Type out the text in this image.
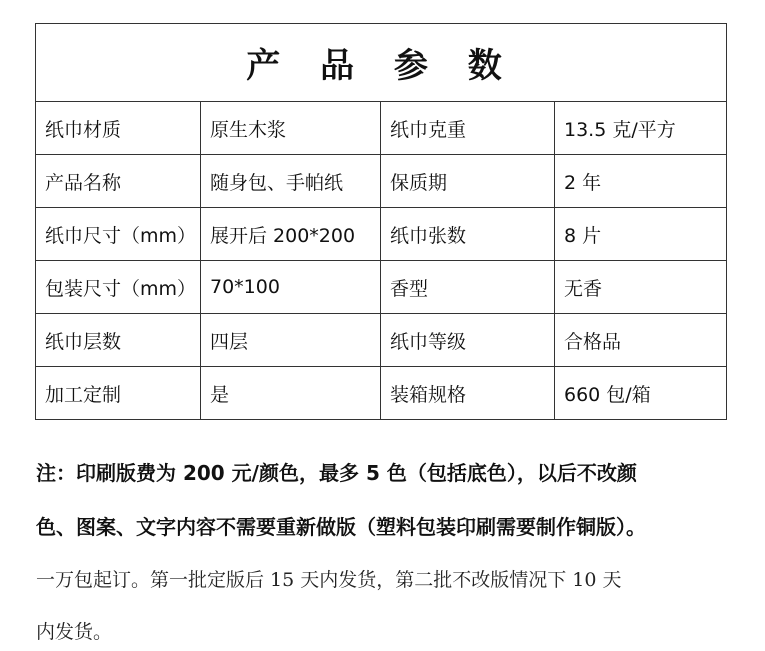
产 品 参 数			
纸巾材质	原生木浆	纸巾克重	13.5 克/平方
产品名称	随身包、手帕纸	保质期	2 年
纸巾尺寸（mm）	展开后 200*200	纸巾张数	8 片
包装尺寸（mm）	70*100	香型	无香
纸巾层数	四层	纸巾等级	合格品
加工定制	是	装箱规格	660 包/箱
注：印刷版费为 200 元/颜色，最多 5 色（包括底色），以后不改颜
色、图案、文字内容不需要重新做版（塑料包装印刷需要制作铜版）。
一万包起订。第一批定版后 15 天内发货，第二批不改版情况下 10 天
内发货。
